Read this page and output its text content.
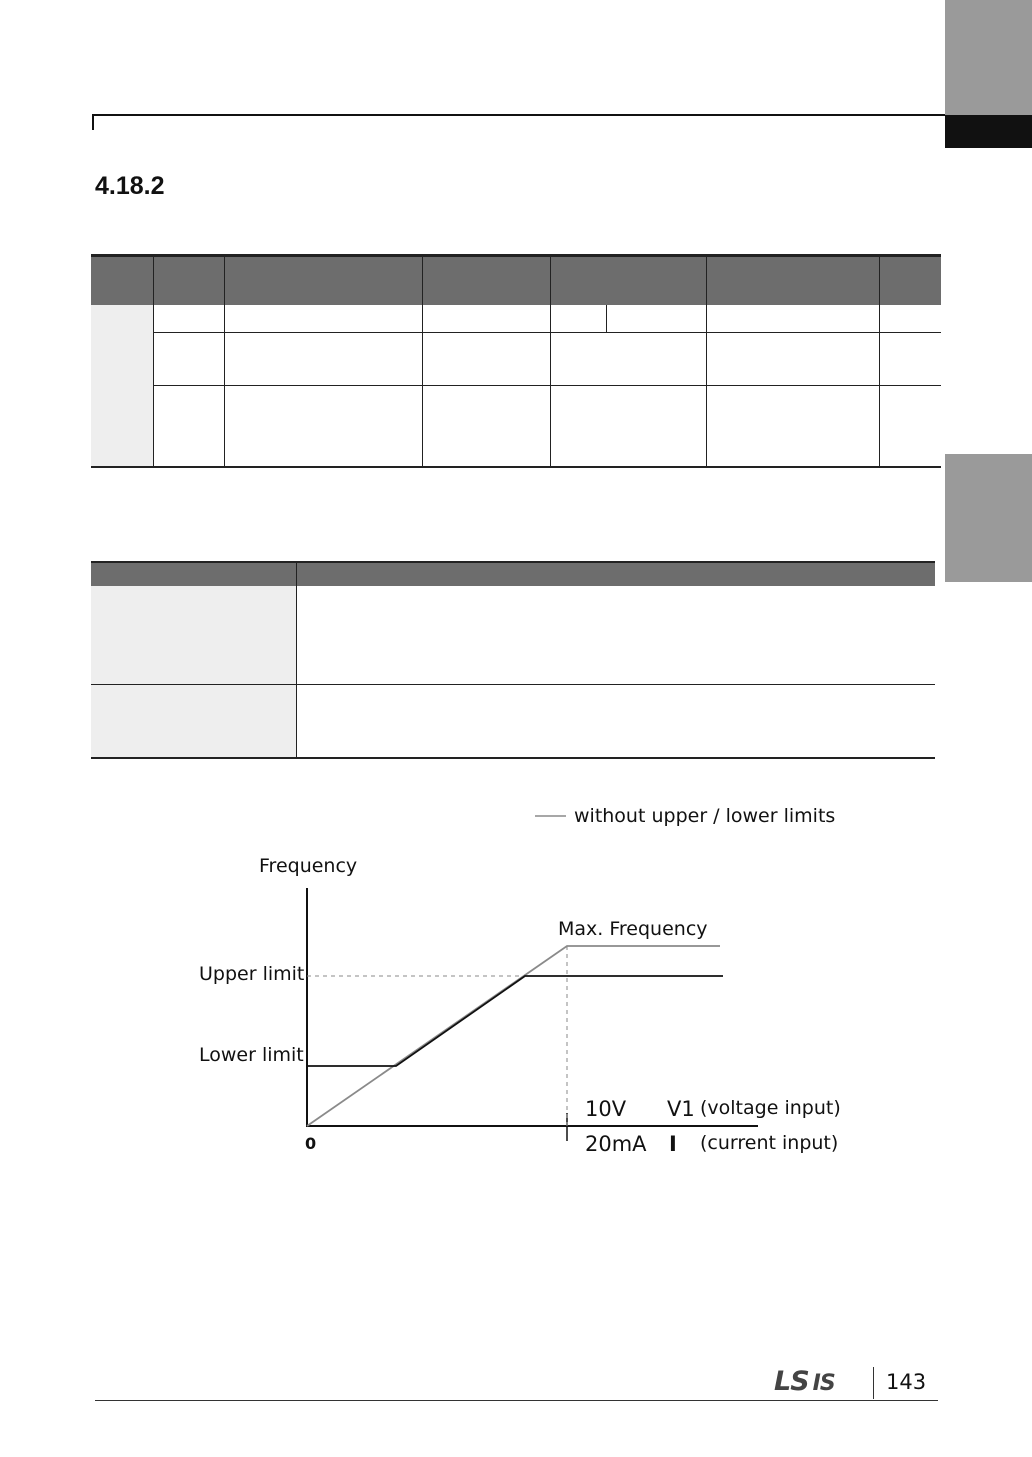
Basic
Features
4.18.2
without upper / lower limits
Frequency
Max. Frequency
Upper limit
Lower limit
0
10V V1 (voltage input)
20mA I (current input)
LS IS 143
